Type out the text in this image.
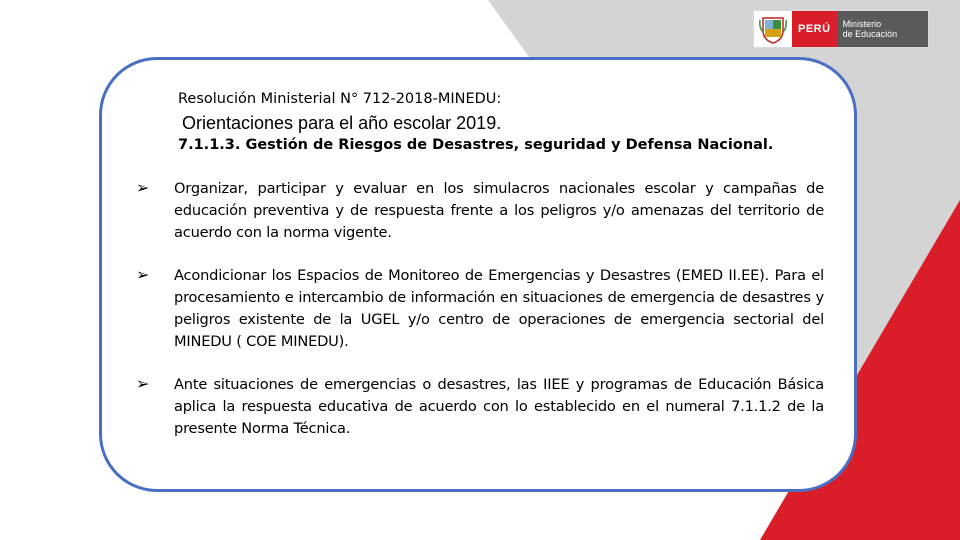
PERÚ	Ministerio
de Educación
Resolución Ministerial N° 712-2018-MINEDU:
Orientaciones para el año escolar 2019.
7.1.1.3. Gestión de Riesgos de Desastres, seguridad y Defensa Nacional.
➢ Organizar, participar y evaluar en los simulacros nacionales escolar y campañas de educación preventiva y de respuesta frente a los peligros y/o amenazas del territorio de acuerdo con la norma vigente.
➢ Acondicionar los Espacios de Monitoreo de Emergencias y Desastres (EMED II.EE). Para el procesamiento e intercambio de información en situaciones de emergencia de desastres y peligros existente de la UGEL y/o centro de operaciones de emergencia sectorial del MINEDU ( COE MINEDU).
➢ Ante situaciones de emergencias o desastres, las IIEE y programas de Educación Básica aplica la respuesta educativa de acuerdo con lo establecido en el numeral 7.1.1.2 de la presente Norma Técnica.
